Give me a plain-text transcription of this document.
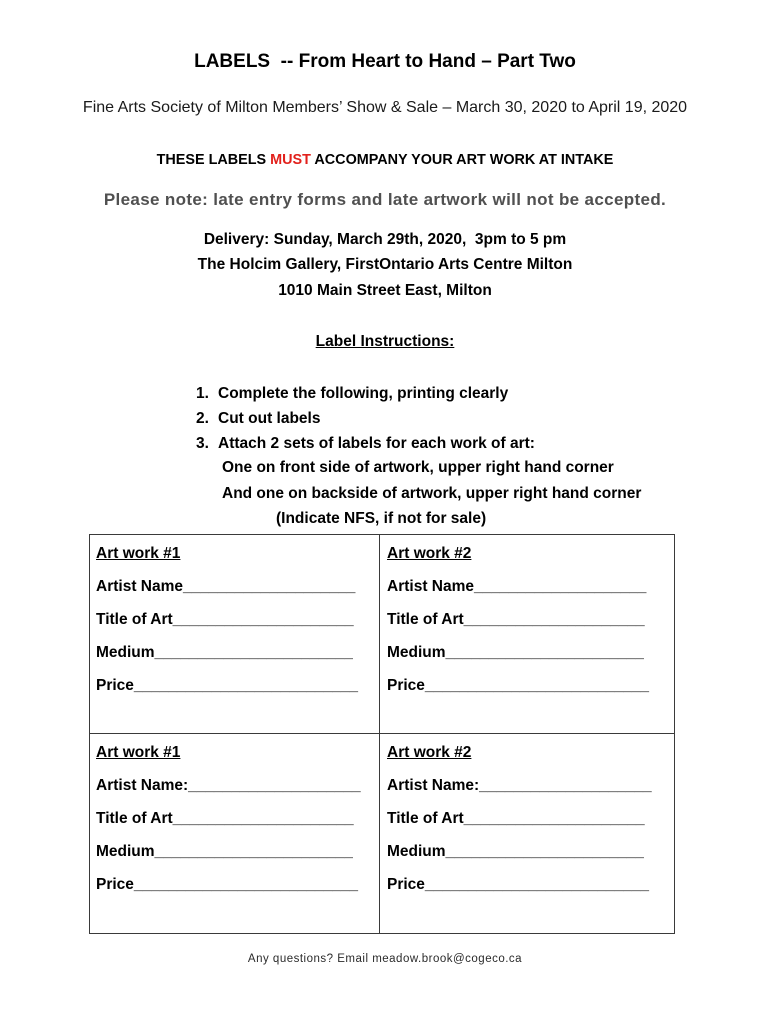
LABELS  -- From Heart to Hand – Part Two
Fine Arts Society of Milton Members’ Show & Sale – March 30, 2020 to April 19, 2020
THESE LABELS MUST ACCOMPANY YOUR ART WORK AT INTAKE
Please note: late entry forms and late artwork will not be accepted.
Delivery: Sunday, March 29th, 2020,  3pm to 5 pm
The Holcim Gallery, FirstOntario Arts Centre Milton
1010 Main Street East, Milton
Label Instructions:
1. Complete the following, printing clearly
2. Cut out labels
3. Attach 2 sets of labels for each work of art:
One on front side of artwork, upper right hand corner
And one on backside of artwork, upper right hand corner
(Indicate NFS, if not for sale)
Art work #1
Artist Name____________________
Title of Art_____________________
Medium_______________________
Price__________________________
Art work #2
Artist Name____________________
Title of Art_____________________
Medium_______________________
Price__________________________
Art work #1
Artist Name:____________________
Title of Art_____________________
Medium_______________________
Price__________________________
Art work #2
Artist Name:____________________
Title of Art_____________________
Medium_______________________
Price__________________________
Any questions? Email meadow.brook@cogeco.ca
